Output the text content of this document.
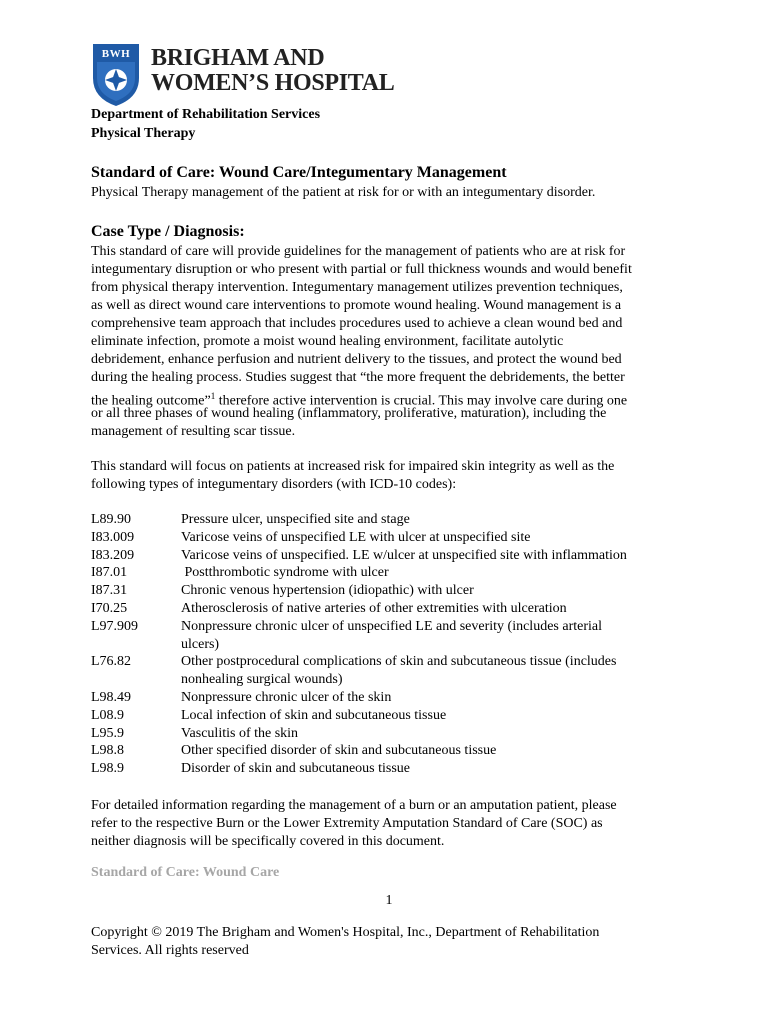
BWH BRIGHAM AND
WOMEN’S HOSPITAL
Department of Rehabilitation Services
Physical Therapy
Standard of Care: Wound Care/Integumentary Management
Physical Therapy management of the patient at risk for or with an integumentary disorder.
Case Type / Diagnosis:
This standard of care will provide guidelines for the management of patients who are at risk for
integumentary disruption or who present with partial or full thickness wounds and would benefit
from physical therapy intervention. Integumentary management utilizes prevention techniques,
as well as direct wound care interventions to promote wound healing. Wound management is a
comprehensive team approach that includes procedures used to achieve a clean wound bed and
eliminate infection, promote a moist wound healing environment, facilitate autolytic
debridement, enhance perfusion and nutrient delivery to the tissues, and protect the wound bed
during the healing process. Studies suggest that “the more frequent the debridements, the better
the healing outcome”$^1$ therefore active intervention is crucial. This may involve care during one
or all three phases of wound healing (inflammatory, proliferative, maturation), including the
management of resulting scar tissue.
This standard will focus on patients at increased risk for impaired skin integrity as well as the
following types of integumentary disorders (with ICD-10 codes):
L89.90	Pressure ulcer, unspecified site and stage
I83.009	Varicose veins of unspecified LE with ulcer at unspecified site
I83.209	Varicose veins of unspecified. LE w/ulcer at unspecified site with inflammation
I87.01	Postthrombotic syndrome with ulcer
I87.31	Chronic venous hypertension (idiopathic) with ulcer
I70.25	Atherosclerosis of native arteries of other extremities with ulceration
L97.909	Nonpressure chronic ulcer of unspecified LE and severity (includes arterial
ulcers)
L76.82	Other postprocedural complications of skin and subcutaneous tissue (includes
nonhealing surgical wounds)
L98.49	Nonpressure chronic ulcer of the skin
L08.9	Local infection of skin and subcutaneous tissue
L95.9	Vasculitis of the skin
L98.8	Other specified disorder of skin and subcutaneous tissue
L98.9	Disorder of skin and subcutaneous tissue
For detailed information regarding the management of a burn or an amputation patient, please
refer to the respective Burn or the Lower Extremity Amputation Standard of Care (SOC) as
neither diagnosis will be specifically covered in this document.
Standard of Care: Wound Care
1
Copyright © 2019 The Brigham and Women's Hospital, Inc., Department of Rehabilitation
Services. All rights reserved
